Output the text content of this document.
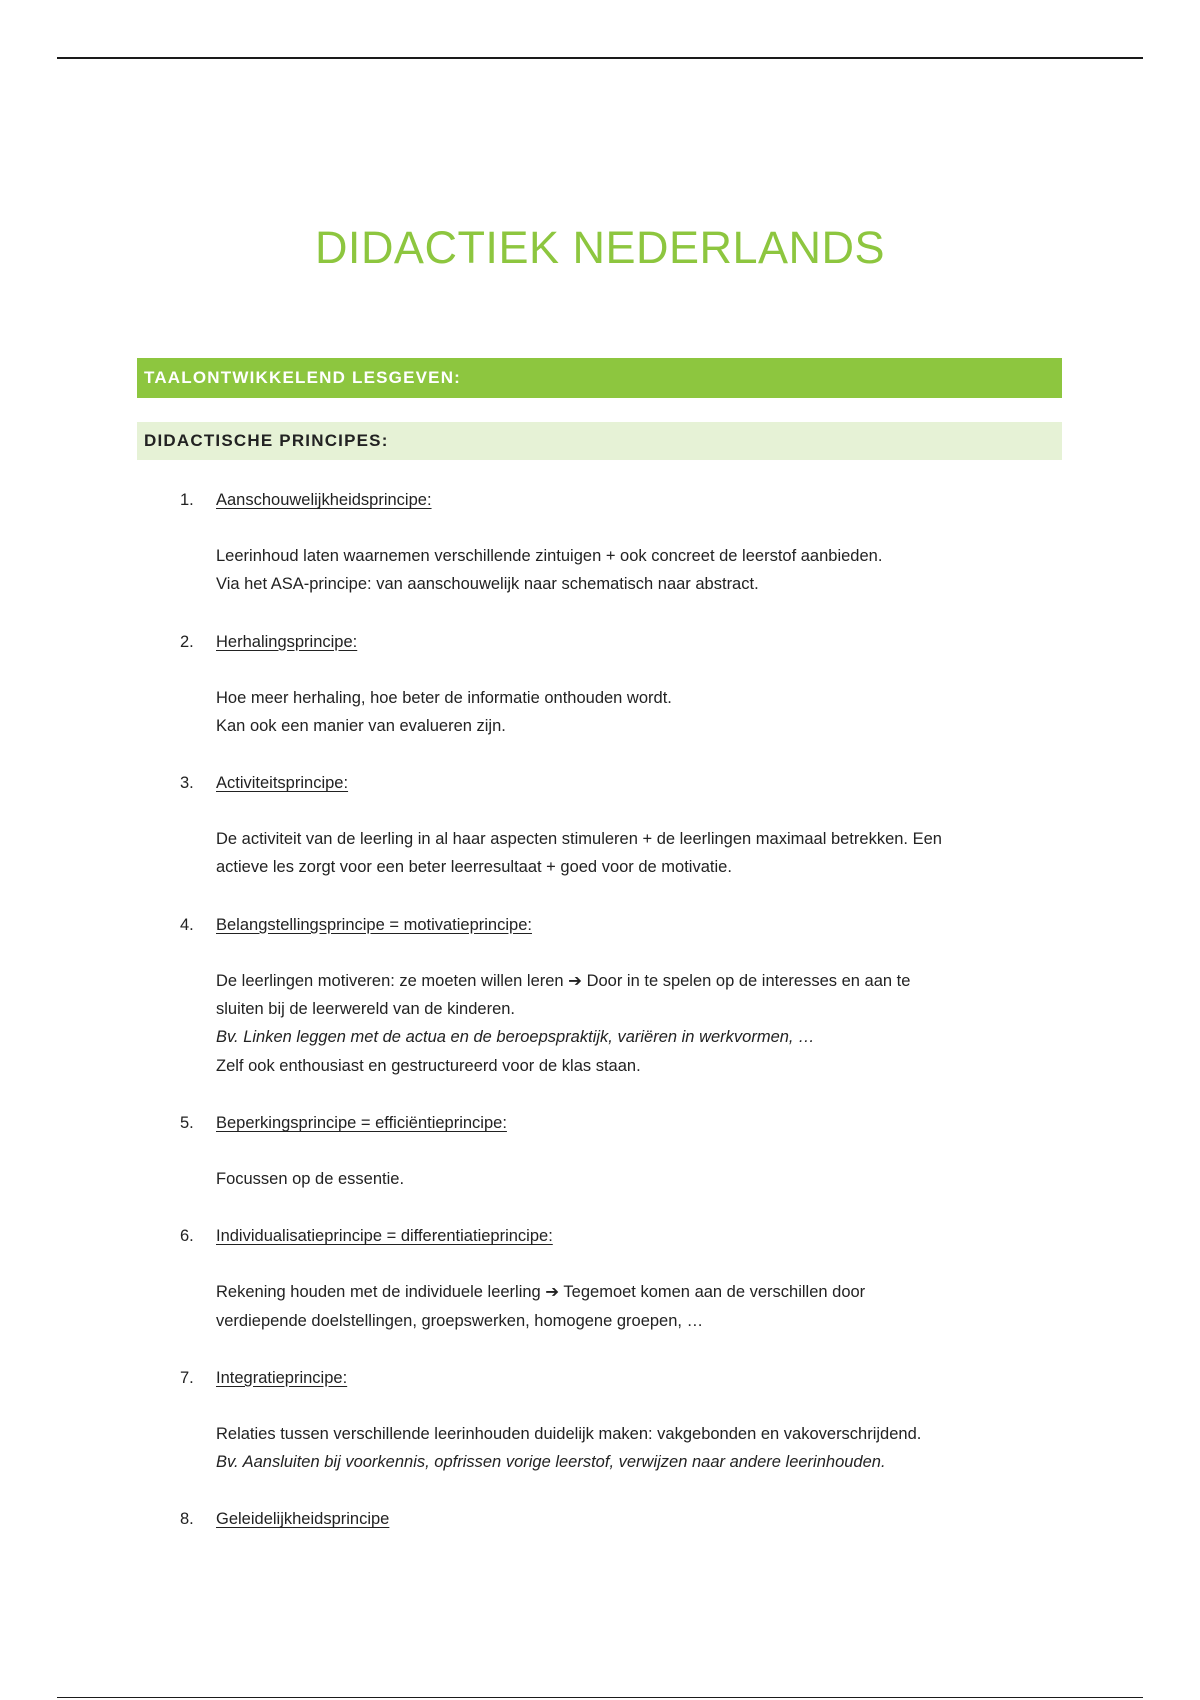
DIDACTIEK NEDERLANDS
TAALONTWIKKELEND LESGEVEN:
DIDACTISCHE PRINCIPES:
1. Aanschouwelijkheidsprincipe:
Leerinhoud laten waarnemen verschillende zintuigen + ook concreet de leerstof aanbieden.
Via het ASA-principe: van aanschouwelijk naar schematisch naar abstract.
2. Herhalingsprincipe:
Hoe meer herhaling, hoe beter de informatie onthouden wordt.
Kan ook een manier van evalueren zijn.
3. Activiteitsprincipe:
De activiteit van de leerling in al haar aspecten stimuleren + de leerlingen maximaal betrekken. Een
actieve les zorgt voor een beter leerresultaat + goed voor de motivatie.
4. Belangstellingsprincipe = motivatieprincipe:
De leerlingen motiveren: ze moeten willen leren ➔ Door in te spelen op de interesses en aan te
sluiten bij de leerwereld van de kinderen.
Bv. Linken leggen met de actua en de beroepspraktijk, variëren in werkvormen, …
Zelf ook enthousiast en gestructureerd voor de klas staan.
5. Beperkingsprincipe = efficiëntieprincipe:
Focussen op de essentie.
6. Individualisatieprincipe = differentiatieprincipe:
Rekening houden met de individuele leerling ➔ Tegemoet komen aan de verschillen door
verdiepende doelstellingen, groepswerken, homogene groepen, …
7. Integratieprincipe:
Relaties tussen verschillende leerinhouden duidelijk maken: vakgebonden en vakoverschrijdend.
Bv. Aansluiten bij voorkennis, opfrissen vorige leerstof, verwijzen naar andere leerinhouden.
8. Geleidelijkheidsprincipe
